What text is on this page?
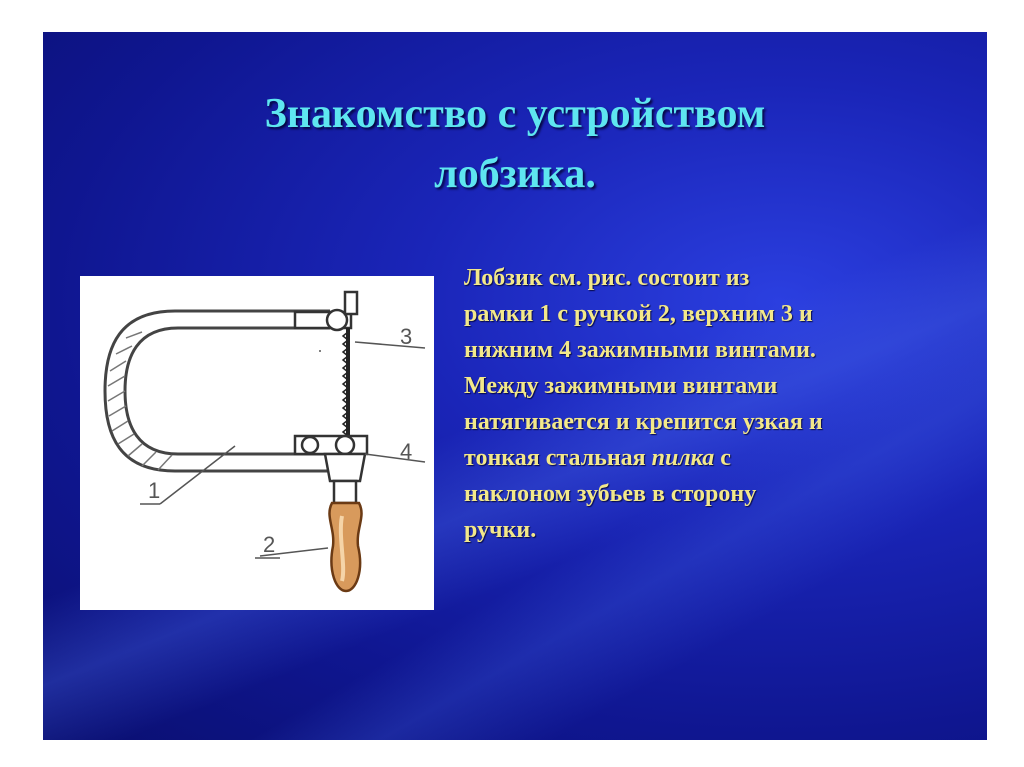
Знакомство с устройством
лобзика.
3
4
1
2
Лобзик см. рис. состоит из
рамки 1 с ручкой 2, верхним 3 и
нижним 4 зажимными винтами.
Между зажимными винтами
натягивается и крепится узкая и
тонкая стальная пилка с
наклоном зубьев в сторону
ручки.
